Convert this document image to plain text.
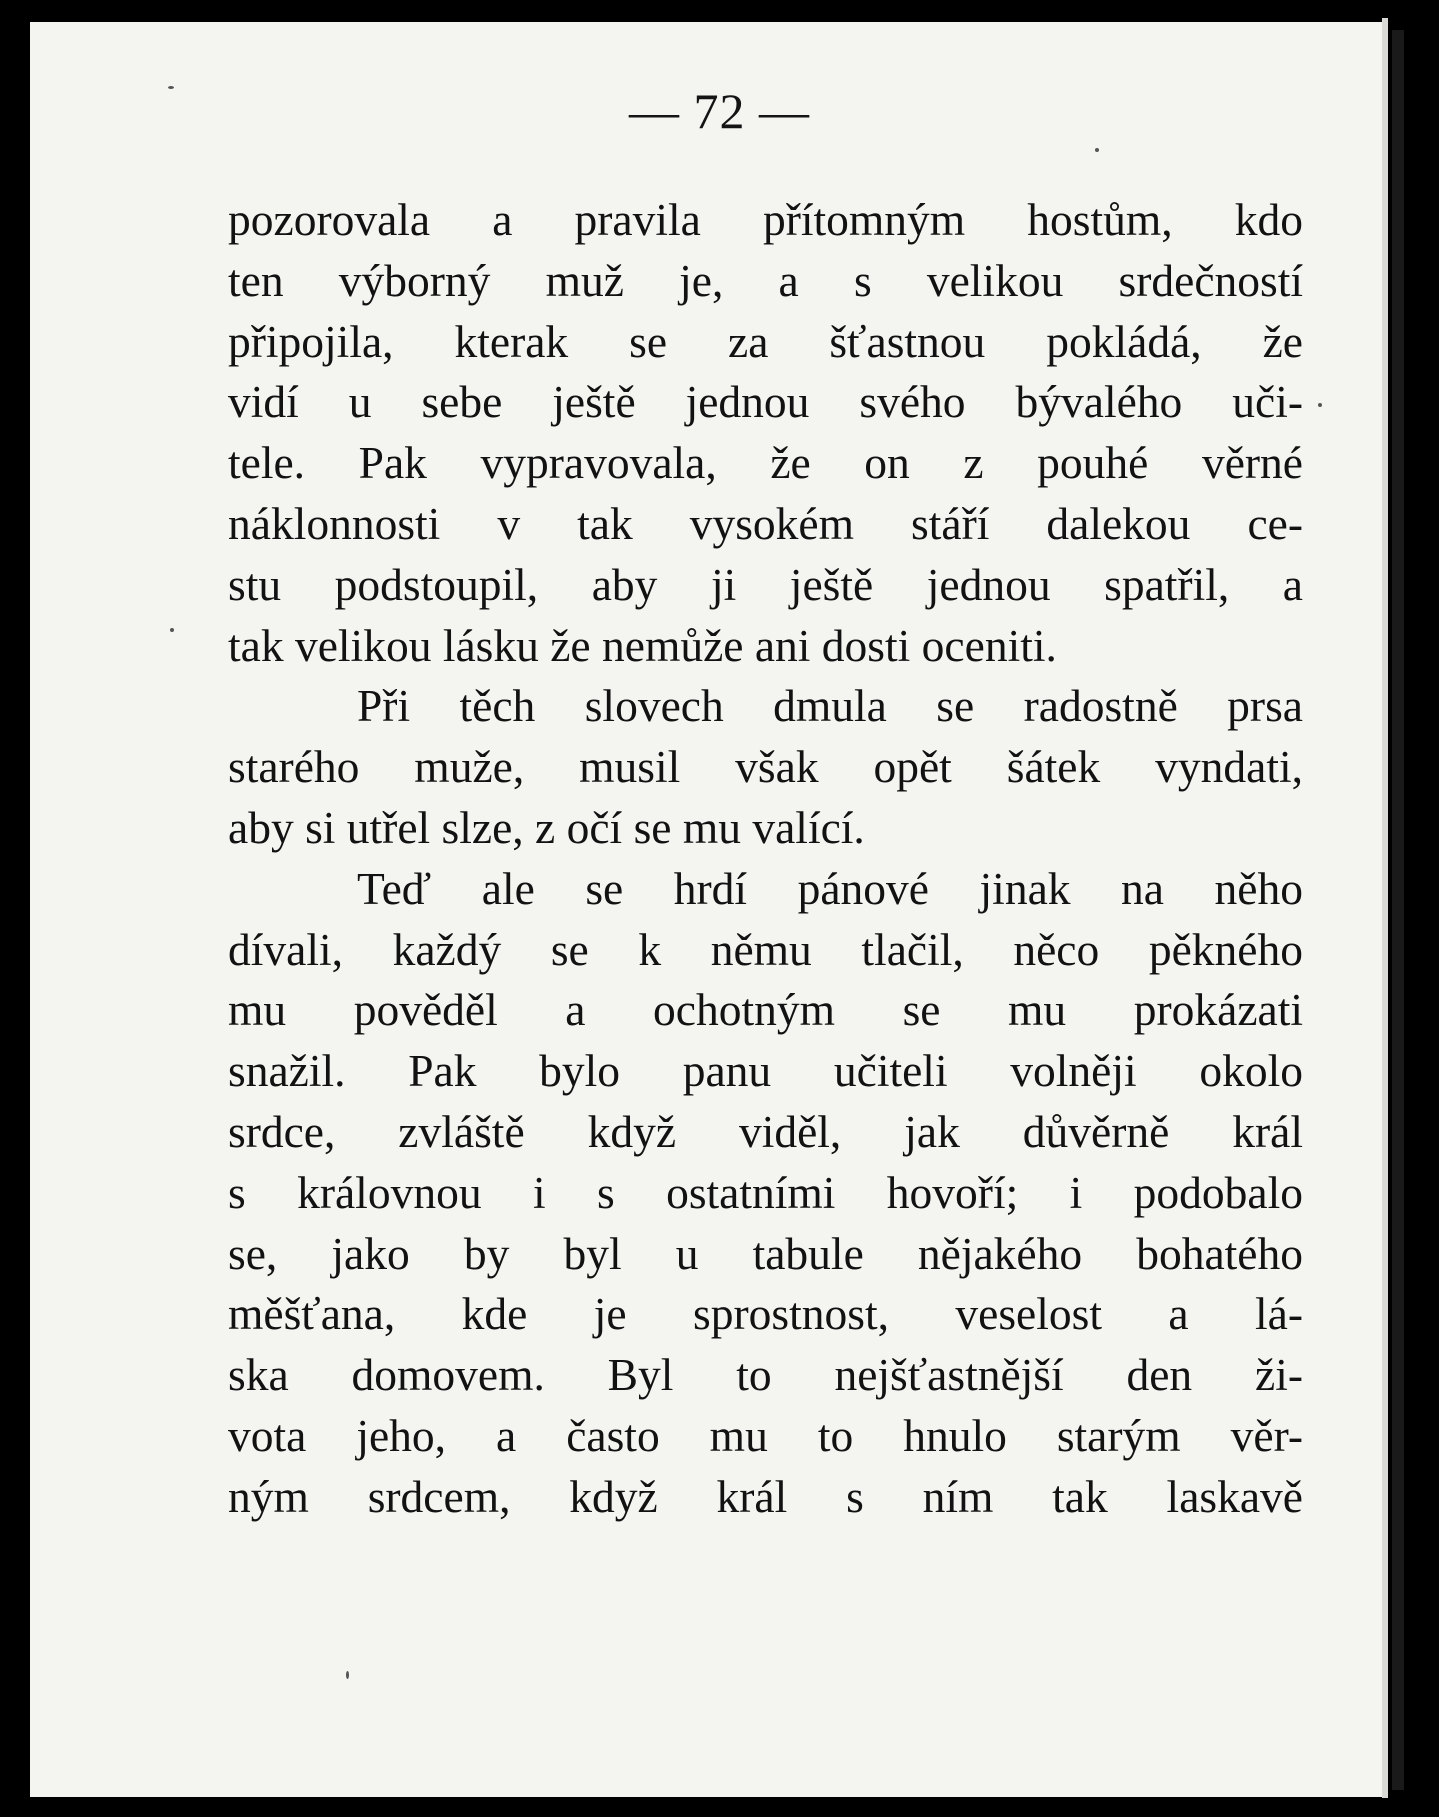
— 72 —
pozorovala a pravila přítomným hostům, kdo
ten výborný muž je, a s velikou srdečností
připojila, kterak se za šťastnou pokládá, že
vidí u sebe ještě jednou svého bývalého uči-
tele. Pak vypravovala, že on z pouhé věrné
náklonnosti v tak vysokém stáří dalekou ce-
stu podstoupil, aby ji ještě jednou spatřil, a
tak velikou lásku že nemůže ani dosti oceniti.
Při těch slovech dmula se radostně prsa
starého muže, musil však opět šátek vyndati,
aby si utřel slze, z očí se mu valící.
Teď ale se hrdí pánové jinak na něho
dívali, každý se k němu tlačil, něco pěkného
mu pověděl a ochotným se mu prokázati
snažil. Pak bylo panu učiteli volněji okolo
srdce, zvláště když viděl, jak důvěrně král
s královnou i s ostatními hovoří; i podobalo
se, jako by byl u tabule nějakého bohatého
měšťana, kde je sprostnost, veselost a lá-
ska domovem. Byl to nejšťastnější den ži-
vota jeho, a často mu to hnulo starým věr-
ným srdcem, když král s ním tak laskavě
